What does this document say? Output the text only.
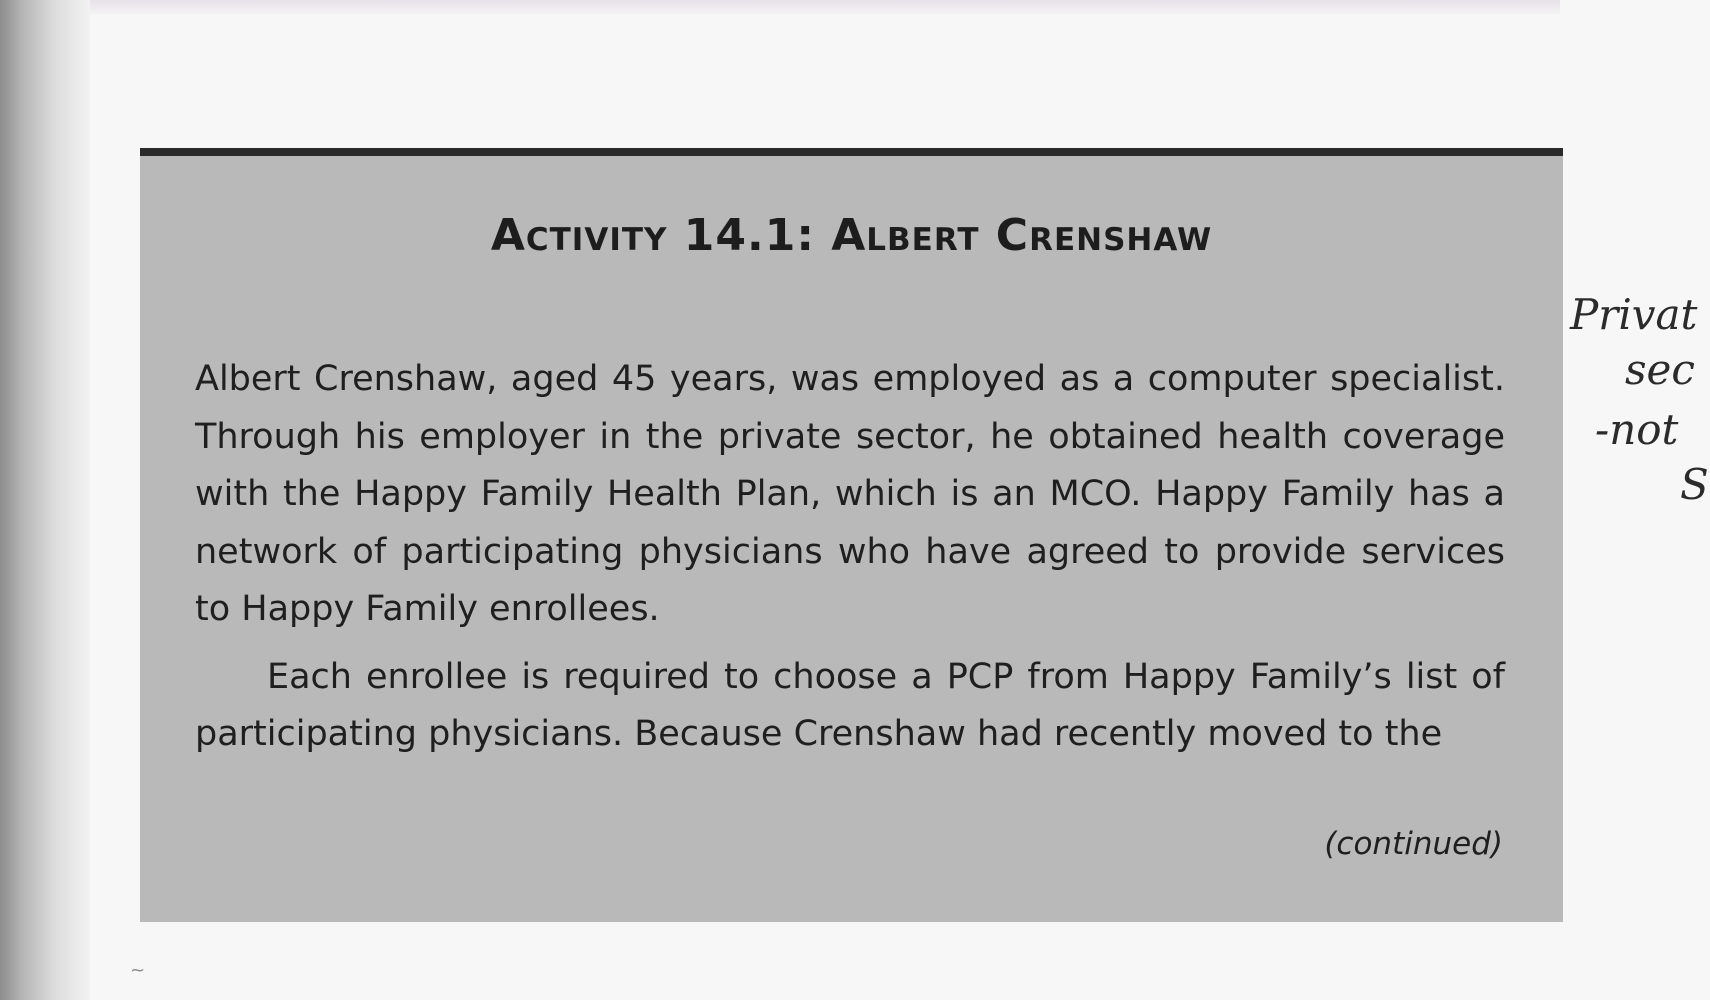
Activity 14.1: Albert Crenshaw

Albert Crenshaw, aged 45 years, was employed as a computer specialist. Through his employer in the private sector, he obtained health coverage with the Happy Family Health Plan, which is an MCO. Happy Family has a network of participating physicians who have agreed to provide services to Happy Family enrollees.

Each enrollee is required to choose a PCP from Happy Family’s list of participating physicians. Because Crenshaw had recently moved to the

(continued)
Privat
sec
-not
S
~
